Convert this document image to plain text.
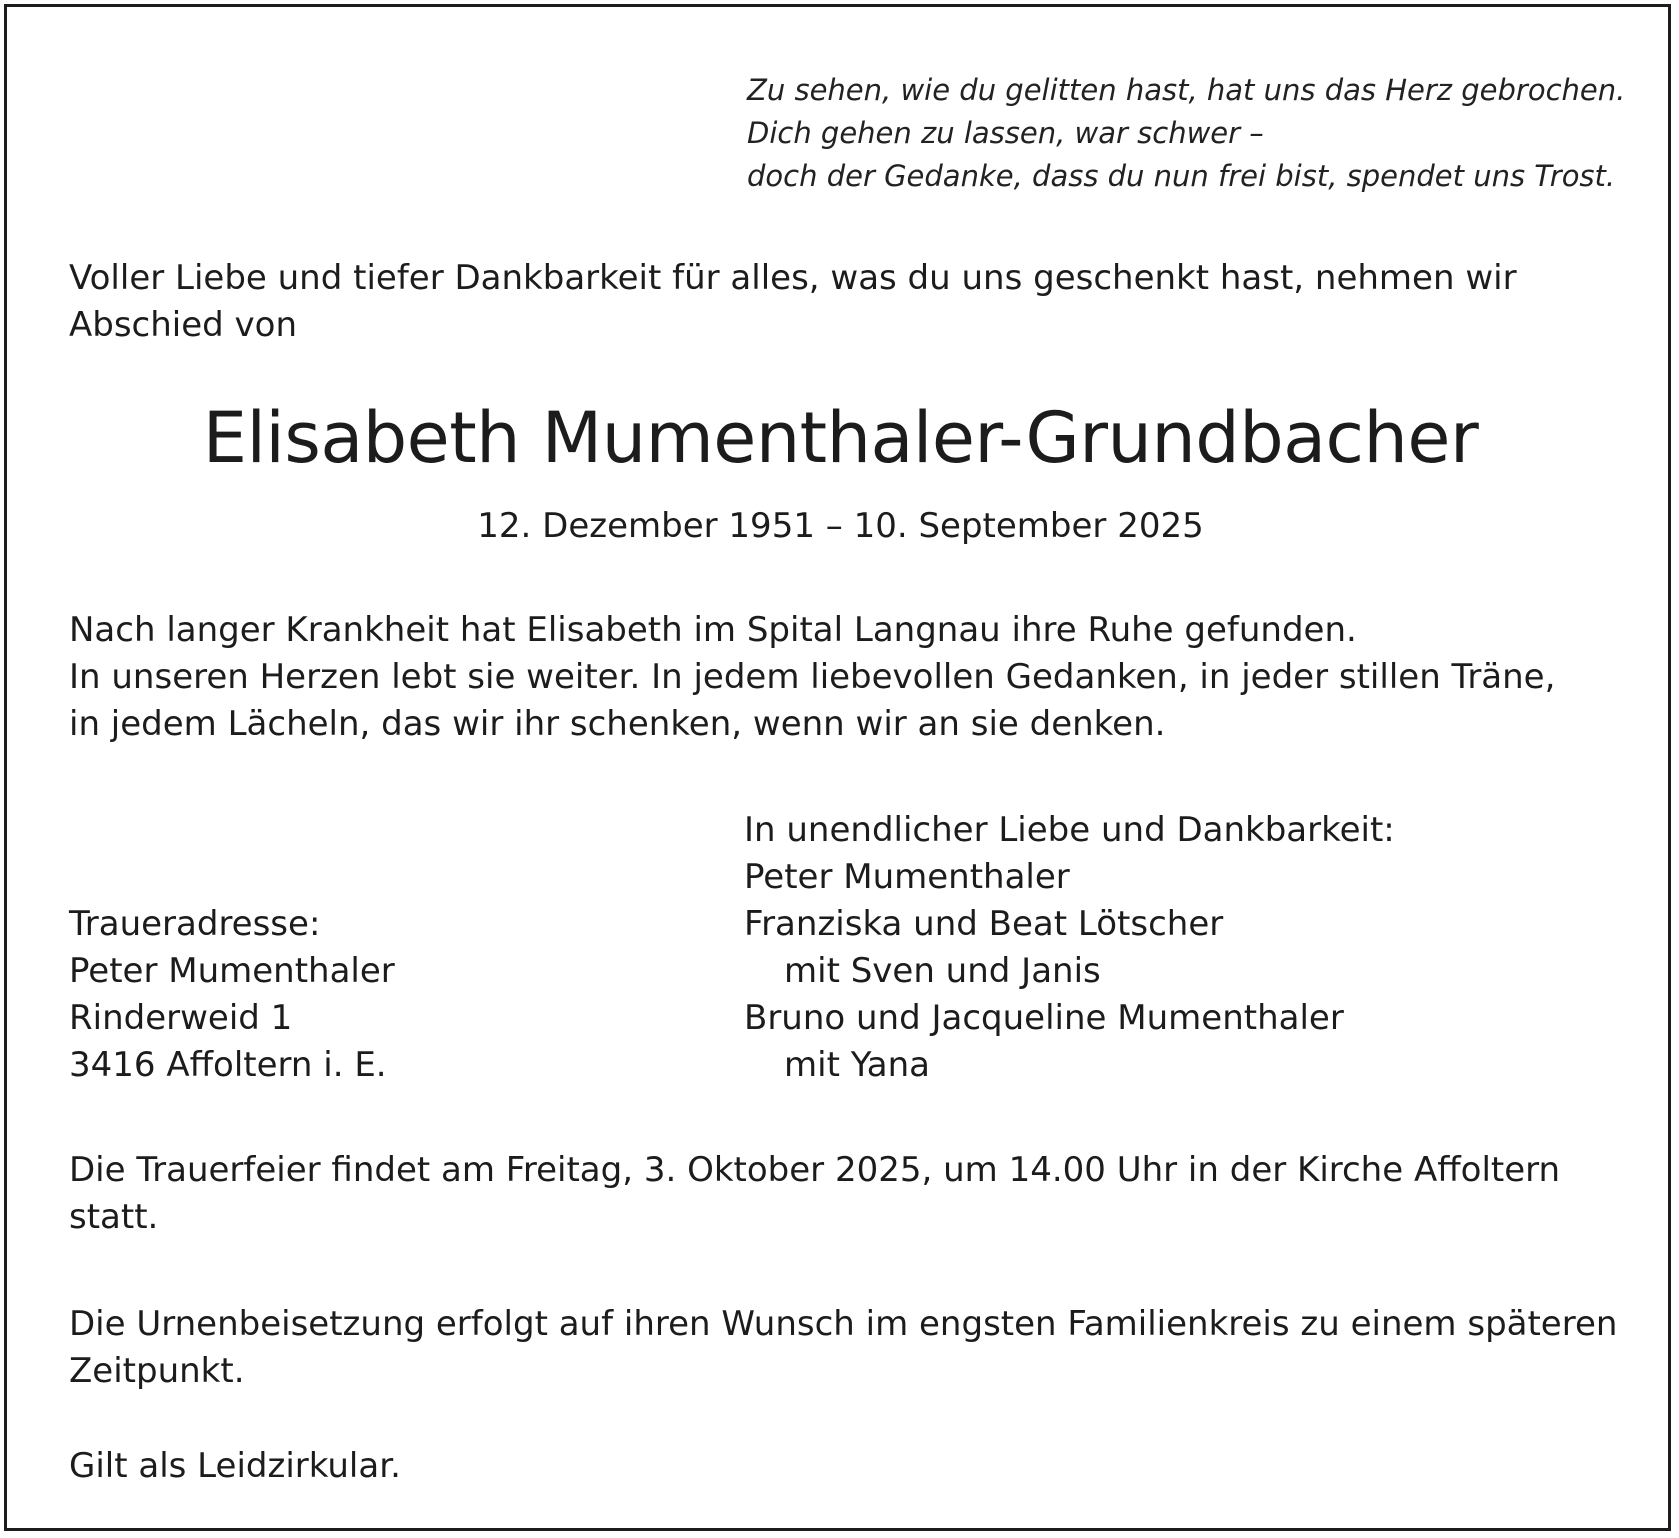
Zu sehen, wie du gelitten hast, hat uns das Herz gebrochen.
Dich gehen zu lassen, war schwer –
doch der Gedanke, dass du nun frei bist, spendet uns Trost.
Voller Liebe und tiefer Dankbarkeit für alles, was du uns geschenkt hast, nehmen wir
Abschied von
Elisabeth Mumenthaler-Grundbacher
12. Dezember 1951 – 10. September 2025
Nach langer Krankheit hat Elisabeth im Spital Langnau ihre Ruhe gefunden.
In unseren Herzen lebt sie weiter. In jedem liebevollen Gedanken, in jeder stillen Träne,
in jedem Lächeln, das wir ihr schenken, wenn wir an sie denken.
In unendlicher Liebe und Dankbarkeit:
Peter Mumenthaler
Franziska und Beat Lötscher
mit Sven und Janis
Bruno und Jacqueline Mumenthaler
mit Yana
Traueradresse:
Peter Mumenthaler
Rinderweid 1
3416 Affoltern i. E.
Die Trauerfeier findet am Freitag, 3. Oktober 2025, um 14.00 Uhr in der Kirche Affoltern
statt.
Die Urnenbeisetzung erfolgt auf ihren Wunsch im engsten Familienkreis zu einem späteren
Zeitpunkt.
Gilt als Leidzirkular.
